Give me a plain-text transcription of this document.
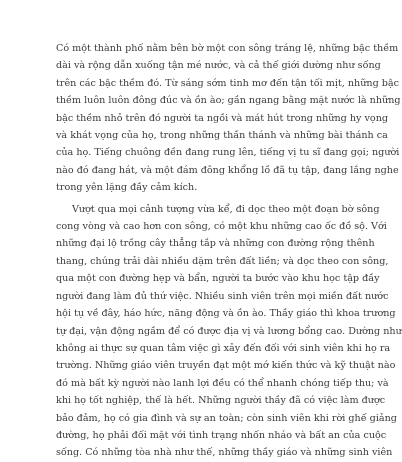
Có một thành phố nằm bên bờ một con sông tráng lệ, những bậc thềm
dài và rộng dẫn xuống tận mé nước, và cả thế giới dường như sống
trên các bậc thềm đó. Từ sáng sớm tinh mơ đến tận tối mịt, những bậc
thềm luôn luôn đông đúc và ồn ào; gần ngang bằng mặt nước là những
bậc thềm nhỏ trên đó người ta ngồi và mát hút trong những hy vọng
và khát vọng của họ, trong những thần thánh và những bài thánh ca
của họ. Tiếng chuông đền đang rung lên, tiếng vị tu sĩ đang gọi; người
nào đó đang hát, và một đám đông khổng lồ đã tụ tập, đang lắng nghe
trong yên lặng đầy cảm kích.

Vượt qua mọi cảnh tượng vừa kể, đi dọc theo một đoạn bờ sông
cong vòng và cao hơn con sông, có một khu những cao ốc đồ sộ. Với
những đại lộ trồng cây thẳng tắp và những con đường rộng thênh
thang, chúng trải dài nhiều dặm trên đất liền; và dọc theo con sông,
qua một con đường hẹp và bẩn, người ta bước vào khu học tập đầy
người đang làm đủ thứ việc. Nhiều sinh viên trên mọi miền đất nước
hội tụ về đây, háo hức, năng động và ồn ào. Thầy giáo thì khoa trương
tự đại, vận động ngầm để có được địa vị và lương bổng cao. Dường như
không ai thực sự quan tâm việc gì xảy đến đối với sinh viên khi họ ra
trường. Những giáo viên truyền đạt một mớ kiến thức và kỹ thuật nào
đó mà bất kỳ người nào lanh lợi đều có thể nhanh chóng tiếp thu; và
khi họ tốt nghiệp, thế là hết. Những người thầy đã có việc làm được
bảo đảm, họ có gia đình và sự an toàn; còn sinh viên khi rời ghế giảng
đường, họ phải đối mặt với tình trạng nhốn nháo và bất an của cuộc
sống. Có những tòa nhà như thế, những thầy giáo và những sinh viên
